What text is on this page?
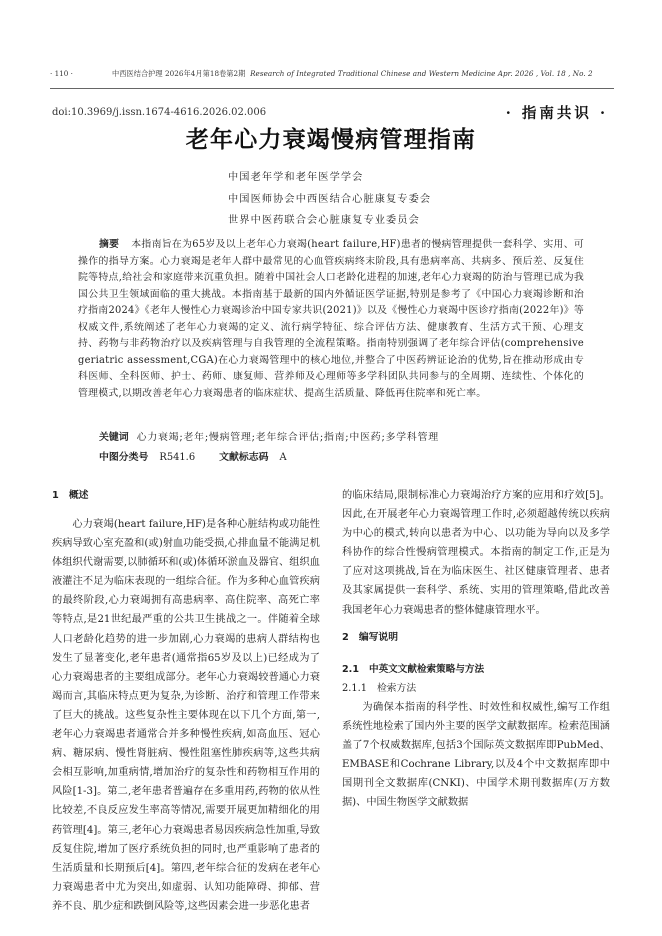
· 110 ·	中西医结合护理 2026年4月第18卷第2期 Research of Integrated Traditional Chinese and Western Medicine Apr. 2026 , Vol. 18 , No. 2
doi:10.3969/j.issn.1674-4616.2026.02.006	· 指南共识 ·
老年心力衰竭慢病管理指南
中国老年学和老年医学学会
中国医师协会中西医结合心脏康复专委会
世界中医药联合会心脏康复专业委员会
摘要 本指南旨在为65岁及以上老年心力衰竭(heart failure,HF)患者的慢病管理提供一套科学、实用、可操作的指导方案。心力衰竭是老年人群中最常见的心血管疾病终末阶段,具有患病率高、共病多、预后差、反复住院等特点,给社会和家庭带来沉重负担。随着中国社会人口老龄化进程的加速,老年心力衰竭的防治与管理已成为我国公共卫生领域面临的重大挑战。本指南基于最新的国内外循证医学证据,特别是参考了《中国心力衰竭诊断和治疗指南2024》《老年人慢性心力衰竭诊治中国专家共识(2021)》以及《慢性心力衰竭中医诊疗指南(2022年)》等权威文件,系统阐述了老年心力衰竭的定义、流行病学特征、综合评估方法、健康教育、生活方式干预、心理支持、药物与非药物治疗以及疾病管理与自我管理的全流程策略。指南特别强调了老年综合评估(comprehensive geriatric assessment,CGA)在心力衰竭管理中的核心地位,并整合了中医药辨证论治的优势,旨在推动形成由专科医师、全科医师、护士、药师、康复师、营养师及心理师等多学科团队共同参与的全周期、连续性、个体化的管理模式,以期改善老年心力衰竭患者的临床症状、提高生活质量、降低再住院率和死亡率。
关键词 心力衰竭;老年;慢病管理;老年综合评估;指南;中医药;多学科管理
中图分类号 R541.6 文献标志码 A
1 概述

心力衰竭(heart failure,HF)是各种心脏结构或功能性疾病导致心室充盈和(或)射血功能受损,心排血量不能满足机体组织代谢需要,以肺循环和(或)体循环淤血及器官、组织血液灌注不足为临床表现的一组综合征。作为多种心血管疾病的最终阶段,心力衰竭拥有高患病率、高住院率、高死亡率等特点,是21世纪最严重的公共卫生挑战之一。伴随着全球人口老龄化趋势的进一步加剧,心力衰竭的患病人群结构也发生了显著变化,老年患者(通常指65岁及以上)已经成为了心力衰竭患者的主要组成部分。老年心力衰竭较普通心力衰竭而言,其临床特点更为复杂,为诊断、治疗和管理工作带来了巨大的挑战。这些复杂性主要体现在以下几个方面,第一,老年心力衰竭患者通常合并多种慢性疾病,如高血压、冠心病、糖尿病、慢性肾脏病、慢性阻塞性肺疾病等,这些共病会相互影响,加重病情,增加治疗的复杂性和药物相互作用的风险[1-3]。第二,老年患者普遍存在多重用药,药物的依从性比较差,不良反应发生率高等情况,需要开展更加精细化的用药管理[4]。第三,老年心力衰竭患者易因疾病急性加重,导致反复住院,增加了医疗系统负担的同时,也严重影响了患者的生活质量和长期预后[4]。第四,老年综合征的发病在老年心力衰竭患者中尤为突出,如虚弱、认知功能障碍、抑郁、营养不良、肌少症和跌倒风险等,这些因素会进一步恶化患者

的临床结局,限制标准心力衰竭治疗方案的应用和疗效[5]。因此,在开展老年心力衰竭管理工作时,必须超越传统以疾病为中心的模式,转向以患者为中心、以功能为导向以及多学科协作的综合性慢病管理模式。本指南的制定工作,正是为了应对这项挑战,旨在为临床医生、社区健康管理者、患者及其家属提供一套科学、系统、实用的管理策略,借此改善我国老年心力衰竭患者的整体健康管理水平。

2 编写说明
2.1 中英文文献检索策略与方法
2.1.1 检索方法

为确保本指南的科学性、时效性和权威性,编写工作组系统性地检索了国内外主要的医学文献数据库。检索范围涵盖了7个权威数据库,包括3个国际英文数据库即PubMed、EMBASE和Cochrane Library,以及4个中文数据库即中国期刊全文数据库(CNKI)、中国学术期刊数据库(万方数据)、中国生物医学文献数据
